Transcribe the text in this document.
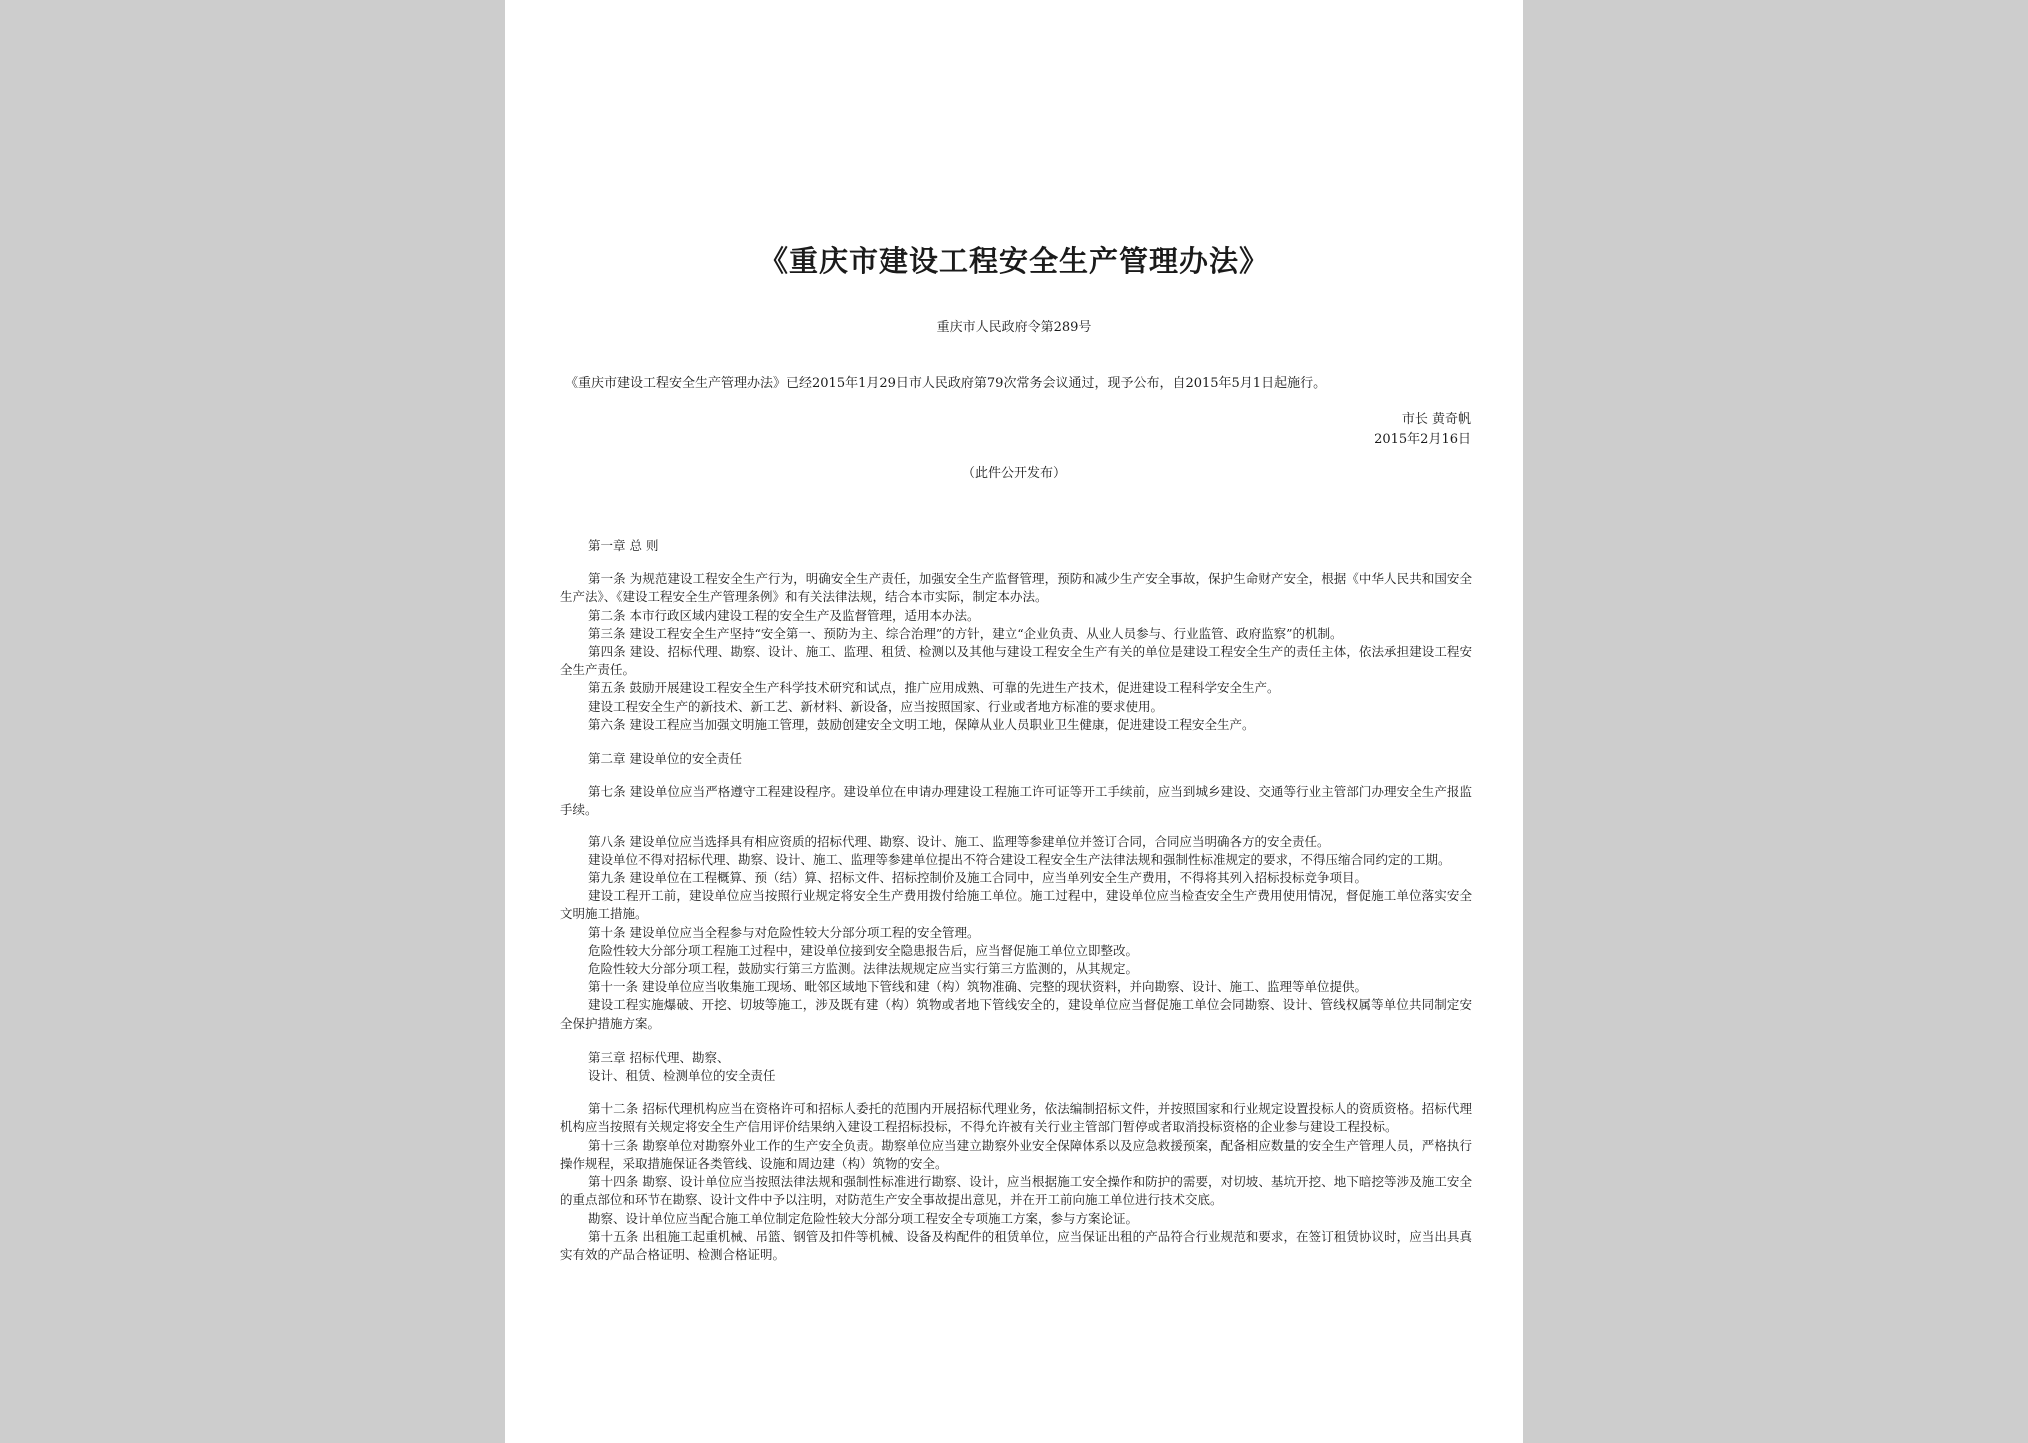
《重庆市建设工程安全生产管理办法》
重庆市人民政府令第289号
《重庆市建设工程安全生产管理办法》已经2015年1月29日市人民政府第79次常务会议通过，现予公布，自2015年5月1日起施行。
市长 黄奇帆
2015年2月16日
（此件公开发布）
第一章 总 则

第一条 为规范建设工程安全生产行为，明确安全生产责任，加强安全生产监督管理，预防和减少生产安全事故，保护生命财产安全，根据《中华人民共和国安全生产法》、《建设工程安全生产管理条例》和有关法律法规，结合本市实际，制定本办法。

第二条 本市行政区域内建设工程的安全生产及监督管理，适用本办法。

第三条 建设工程安全生产坚持“安全第一、预防为主、综合治理”的方针，建立“企业负责、从业人员参与、行业监管、政府监察”的机制。

第四条 建设、招标代理、勘察、设计、施工、监理、租赁、检测以及其他与建设工程安全生产有关的单位是建设工程安全生产的责任主体，依法承担建设工程安全生产责任。

第五条 鼓励开展建设工程安全生产科学技术研究和试点，推广应用成熟、可靠的先进生产技术，促进建设工程科学安全生产。

建设工程安全生产的新技术、新工艺、新材料、新设备，应当按照国家、行业或者地方标准的要求使用。

第六条 建设工程应当加强文明施工管理，鼓励创建安全文明工地，保障从业人员职业卫生健康，促进建设工程安全生产。

第二章 建设单位的安全责任

第七条 建设单位应当严格遵守工程建设程序。建设单位在申请办理建设工程施工许可证等开工手续前，应当到城乡建设、交通等行业主管部门办理安全生产报监手续。

第八条 建设单位应当选择具有相应资质的招标代理、勘察、设计、施工、监理等参建单位并签订合同，合同应当明确各方的安全责任。

建设单位不得对招标代理、勘察、设计、施工、监理等参建单位提出不符合建设工程安全生产法律法规和强制性标准规定的要求，不得压缩合同约定的工期。

第九条 建设单位在工程概算、预（结）算、招标文件、招标控制价及施工合同中，应当单列安全生产费用，不得将其列入招标投标竞争项目。

建设工程开工前，建设单位应当按照行业规定将安全生产费用拨付给施工单位。施工过程中，建设单位应当检查安全生产费用使用情况，督促施工单位落实安全文明施工措施。

第十条 建设单位应当全程参与对危险性较大分部分项工程的安全管理。

危险性较大分部分项工程施工过程中，建设单位接到安全隐患报告后，应当督促施工单位立即整改。

危险性较大分部分项工程，鼓励实行第三方监测。法律法规规定应当实行第三方监测的，从其规定。

第十一条 建设单位应当收集施工现场、毗邻区域地下管线和建（构）筑物准确、完整的现状资料，并向勘察、设计、施工、监理等单位提供。

建设工程实施爆破、开挖、切坡等施工，涉及既有建（构）筑物或者地下管线安全的，建设单位应当督促施工单位会同勘察、设计、管线权属等单位共同制定安全保护措施方案。

第三章 招标代理、勘察、
设计、租赁、检测单位的安全责任

第十二条 招标代理机构应当在资格许可和招标人委托的范围内开展招标代理业务，依法编制招标文件，并按照国家和行业规定设置投标人的资质资格。招标代理机构应当按照有关规定将安全生产信用评价结果纳入建设工程招标投标，不得允许被有关行业主管部门暂停或者取消投标资格的企业参与建设工程投标。

第十三条 勘察单位对勘察外业工作的生产安全负责。勘察单位应当建立勘察外业安全保障体系以及应急救援预案，配备相应数量的安全生产管理人员，严格执行操作规程，采取措施保证各类管线、设施和周边建（构）筑物的安全。

第十四条 勘察、设计单位应当按照法律法规和强制性标准进行勘察、设计，应当根据施工安全操作和防护的需要，对切坡、基坑开挖、地下暗挖等涉及施工安全的重点部位和环节在勘察、设计文件中予以注明，对防范生产安全事故提出意见，并在开工前向施工单位进行技术交底。

勘察、设计单位应当配合施工单位制定危险性较大分部分项工程安全专项施工方案，参与方案论证。

第十五条 出租施工起重机械、吊篮、钢管及扣件等机械、设备及构配件的租赁单位，应当保证出租的产品符合行业规范和要求，在签订租赁协议时，应当出具真实有效的产品合格证明、检测合格证明。
